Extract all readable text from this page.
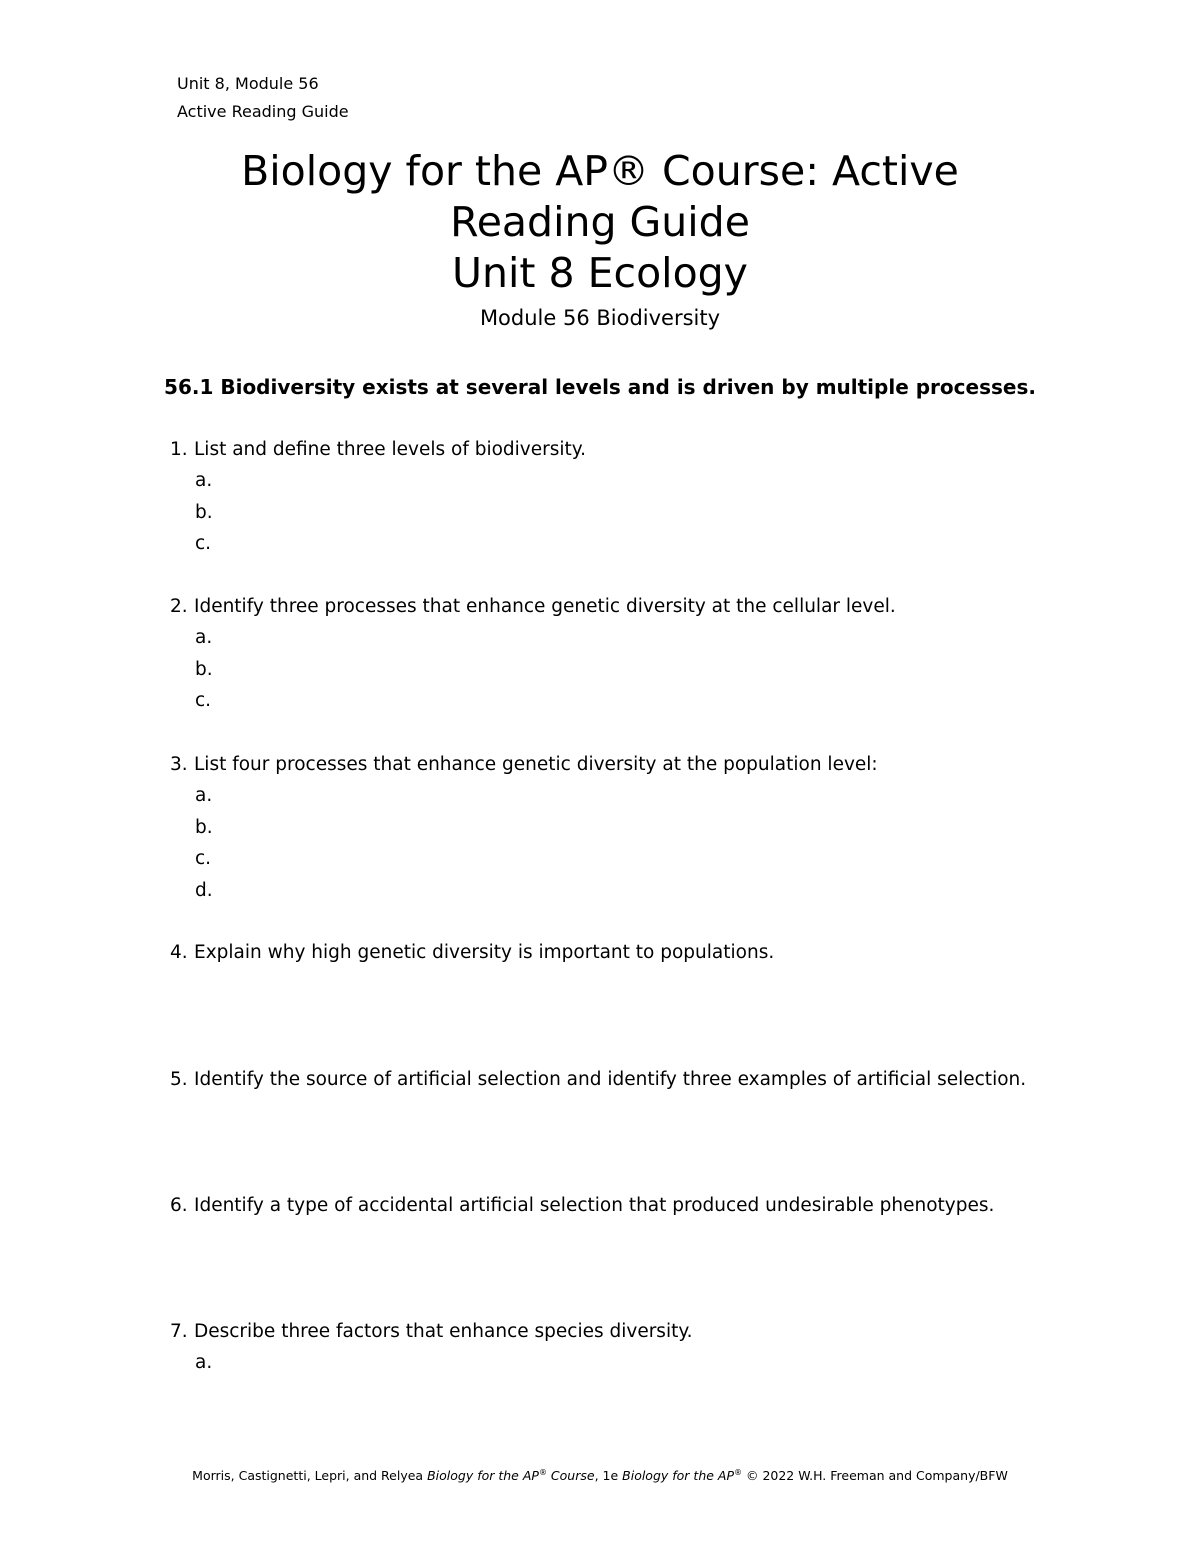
Unit 8, Module 56
Active Reading Guide
Biology for the AP® Course: Active
Reading Guide
Unit 8 Ecology
Module 56 Biodiversity
56.1 Biodiversity exists at several levels and is driven by multiple processes.
1. List and define three levels of biodiversity.
a.
b.
c.
2. Identify three processes that enhance genetic diversity at the cellular level.
a.
b.
c.
3. List four processes that enhance genetic diversity at the population level:
a.
b.
c.
d.
4. Explain why high genetic diversity is important to populations.
5. Identify the source of artificial selection and identify three examples of artificial selection.
6. Identify a type of accidental artificial selection that produced undesirable phenotypes.
7. Describe three factors that enhance species diversity.
a.
Morris, Castignetti, Lepri, and Relyea Biology for the AP® Course, 1e Biology for the AP® © 2022 W.H. Freeman and Company/BFW
